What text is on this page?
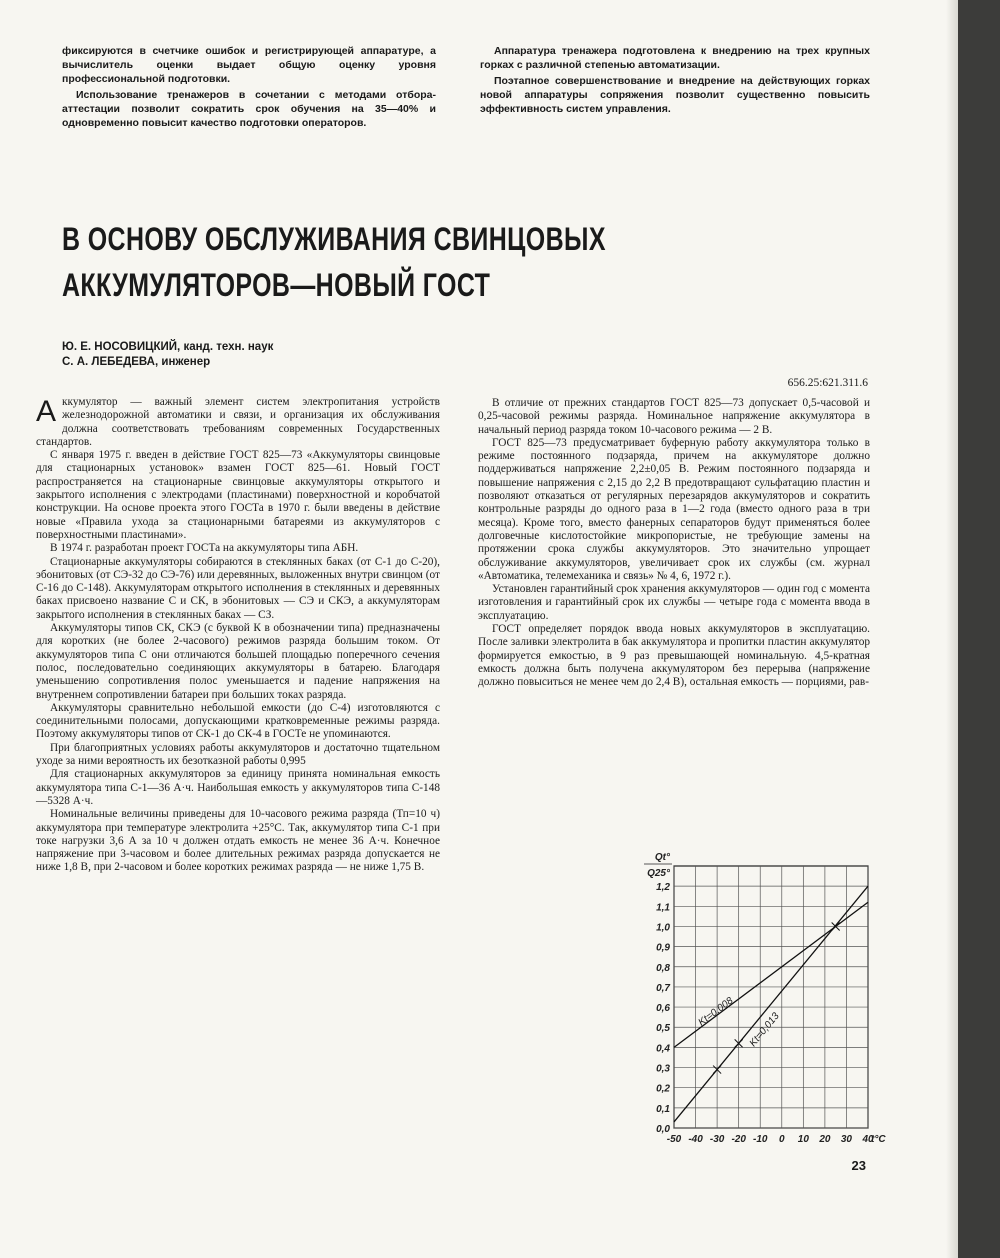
фиксируются в счетчике ошибок и регистрирующей аппаратуре, а вычислитель оценки выдает общую оценку уровня профессиональной подготовки.

Использование тренажеров в сочетании с методами отбора-аттестации позволит сократить срок обучения на 35—40% и одновременно повысит качество подготовки операторов.

Аппаратура тренажера подготовлена к внедрению на трех крупных горках с различной степенью автоматизации.

Поэтапное совершенствование и внедрение на действующих горках новой аппаратуры сопряжения позволит существенно повысить эффективность систем управления.

В ОСНОВУ ОБСЛУЖИВАНИЯ СВИНЦОВЫХ
АККУМУЛЯТОРОВ—НОВЫЙ ГОСТ
Ю. Е. НОСОВИЦКИЙ, канд. техн. наук
С. А. ЛЕБЕДЕВА, инженер
656.25:621.311.6

Аккумулятор — важный элемент систем электропитания устройств железнодорожной автоматики и связи, и организация их обслуживания должна соответствовать требованиям современных Государственных стандартов.

С января 1975 г. введен в действие ГОСТ 825—73 «Аккумуляторы свинцовые для стационарных установок» взамен ГОСТ 825—61. Новый ГОСТ распространяется на стационарные свинцовые аккумуляторы открытого и закрытого исполнения с электродами (пластинами) поверхностной и коробчатой конструкции. На основе проекта этого ГОСТа в 1970 г. были введены в действие новые «Правила ухода за стационарными батареями из аккумуляторов с поверхностными пластинами».

В 1974 г. разработан проект ГОСТа на аккумуляторы типа АБН.

Стационарные аккумуляторы собираются в стеклянных баках (от С-1 до С-20), эбонитовых (от СЭ-32 до СЭ-76) или деревянных, выложенных внутри свинцом (от С-16 до С-148). Аккумуляторам открытого исполнения в стеклянных и деревянных баках присвоено название С и СК, в эбонитовых — СЭ и СКЭ, а аккумуляторам закрытого исполнения в стеклянных баках — СЗ.

Аккумуляторы типов СК, СКЭ (с буквой К в обозначении типа) предназначены для коротких (не более 2-часового) режимов разряда большим током. От аккумуляторов типа С они отличаются большей площадью поперечного сечения полос, последовательно соединяющих аккумуляторы в батарею. Благодаря уменьшению сопротивления полос уменьшается и падение напряжения на внутреннем сопротивлении батареи при больших токах разряда.

Аккумуляторы сравнительно небольшой емкости (до С-4) изготовляются с соединительными полосами, допускающими кратковременные режимы разряда. Поэтому аккумуляторы типов от СК-1 до СК-4 в ГОСТе не упоминаются.

При благоприятных условиях работы аккумуляторов и достаточно тщательном уходе за ними вероятность их безотказной работы 0,995

Для стационарных аккумуляторов за единицу принята номинальная емкость аккумулятора типа С-1—36 А·ч. Наибольшая емкость у аккумуляторов типа С-148—5328 А·ч.

Номинальные величины приведены для 10-часового режима разряда (Тп=10 ч) аккумулятора при температуре электролита +25°С. Так, аккумулятор типа С-1 при токе нагрузки 3,6 А за 10 ч должен отдать емкость не менее 36 А·ч. Конечное напряжение при 3-часовом и более длительных режимах разряда допускается не ниже 1,8 В, при 2-часовом и более коротких режимах разряда — не ниже 1,75 В.

В отличие от прежних стандартов ГОСТ 825—73 допускает 0,5-часовой и 0,25-часовой режимы разряда. Номинальное напряжение аккумулятора в начальный период разряда током 10-часового режима — 2 В.

ГОСТ 825—73 предусматривает буферную работу аккумулятора только в режиме постоянного подзаряда, причем на аккумуляторе должно поддерживаться напряжение 2,2±0,05 В. Режим постоянного подзаряда и повышение напряжения с 2,15 до 2,2 В предотвращают сульфатацию пластин и позволяют отказаться от регулярных перезарядов аккумуляторов и сократить контрольные разряды до одного раза в 1—2 года (вместо одного раза в три месяца). Кроме того, вместо фанерных сепараторов будут применяться более долговечные кислотостойкие микропористые, не требующие замены на протяжении срока службы аккумуляторов. Это значительно упрощает обслуживание аккумуляторов, увеличивает срок их службы (см. журнал «Автоматика, телемеханика и связь» № 4, 6, 1972 г.).

Установлен гарантийный срок хранения аккумуляторов — один год с момента изготовления и гарантийный срок их службы — четыре года с момента ввода в эксплуатацию.

ГОСТ определяет порядок ввода новых аккумуляторов в эксплуатацию. После заливки электролита в бак аккумулятора и пропитки пластин аккумулятор формируется емкостью, в 9 раз превышающей номинальную. 4,5-кратная емкость должна быть получена аккумулятором без перерыва (напряжение должно повыситься не менее чем до 2,4 В), остальная емкость — порциями, рав-

-50 -40 -30 -20 -10 0 10 20 30 40
0,0
0,1
0,2
0,3
0,4
0,5
0,6
0,7
0,8
0,9
1,0
1,1
1,2
t°C
Qt°
Q25°
Kt=0,008 Kt=0,013
23
